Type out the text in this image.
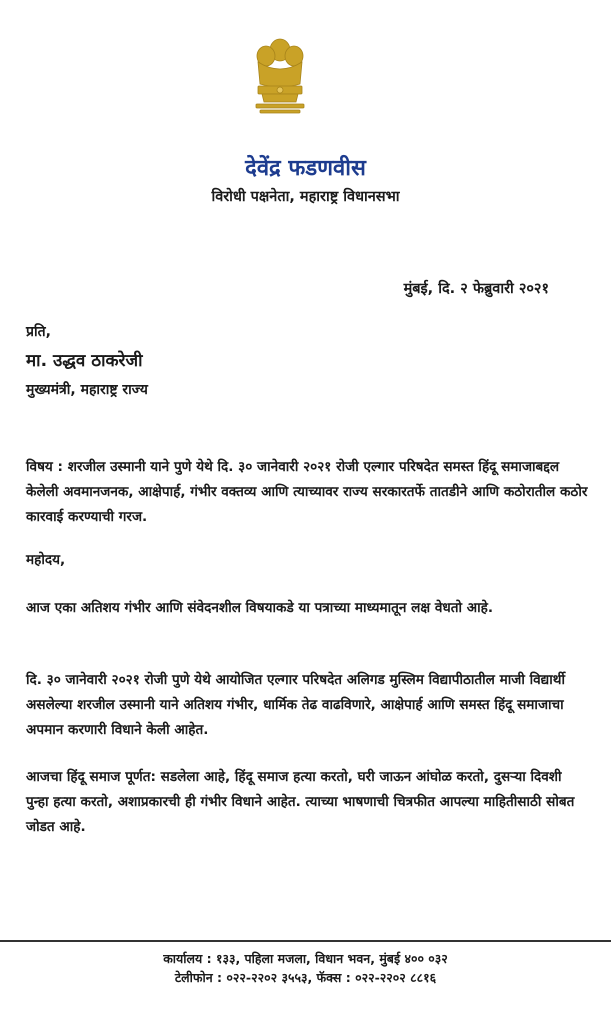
देवेंद्र फडणवीस
विरोधी पक्षनेता, महाराष्ट्र विधानसभा
मुंबई, दि. २ फेब्रुवारी २०२१
प्रति,
मा. उद्धव ठाकरेजी
मुख्यमंत्री, महाराष्ट्र राज्य
विषय : शरजील उस्मानी याने पुणे येथे दि. ३० जानेवारी २०२१ रोजी एल्गार परिषदेत समस्त हिंदू समाजाबद्दल केलेली अवमानजनक, आक्षेपार्ह, गंभीर वक्तव्य आणि त्याच्यावर राज्य सरकारतर्फे तातडीने आणि कठोरातील कठोर कारवाई करण्याची गरज.
महोदय,
आज एका अतिशय गंभीर आणि संवेदनशील विषयाकडे या पत्राच्या माध्यमातून लक्ष वेधतो आहे.
दि. ३० जानेवारी २०२१ रोजी पुणे येथे आयोजित एल्गार परिषदेत अलिगड मुस्लिम विद्यापीठातील माजी विद्यार्थी असलेल्या शरजील उस्मानी याने अतिशय गंभीर, धार्मिक तेढ वाढविणारे, आक्षेपार्ह आणि समस्त हिंदू समाजाचा अपमान करणारी विधाने केली आहेत.
आजचा हिंदू समाज पूर्णत: सडलेला आहे, हिंदू समाज हत्या करतो, घरी जाऊन आंघोळ करतो, दुसऱ्या दिवशी पुन्हा हत्या करतो, अशाप्रकारची ही गंभीर विधाने आहेत. त्याच्या भाषणाची चित्रफीत आपल्या माहितीसाठी सोबत जोडत आहे.
कार्यालय : १३३, पहिला मजला, विधान भवन, मुंबई ४०० ०३२
टेलीफोन : ०२२-२२०२ ३५५३, फॅक्स : ०२२-२२०२ ८८१६
